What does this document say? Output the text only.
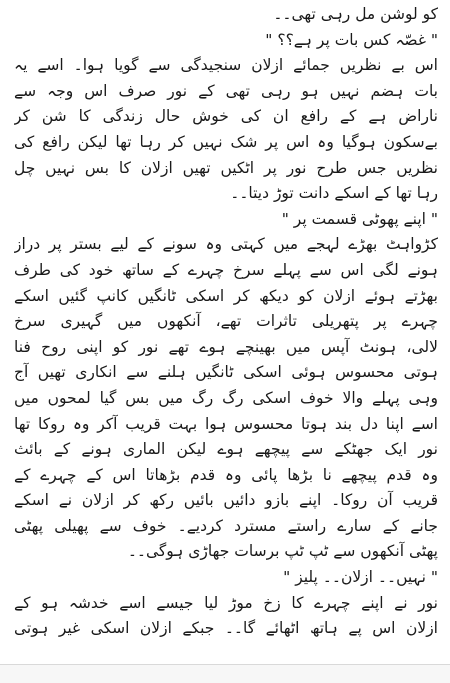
کو لوشن مل رہی تھی۔۔
" غصّہ کس بات پر ہے؟؟ "
اس بے نظریں جمائے ازلان سنجیدگی سے گویا ہوا۔ اسے یہ
بات ہضم نہیں ہو رہی تھی کے نور صرف اس وجہ سے
ناراض ہے کے رافع ان کی خوش حال زندگی کا شن کر
بےسکون ہوگیا وہ اس پر شک نہیں کر رہا تھا لیکن رافع کی
نظریں جس طرح نور پر اٹکیں تھیں ازلان کا بس نہیں چل
رہا تھا کے اسکے دانت توڑ دیتا۔۔
" اپنے پھوٹی قسمت پر "
کڑواہٹ بھڑے لہجے میں کہتی وہ سونے کے لیے بستر پر دراز
ہونے لگی اس سے پہلے سرخ چہرے کے ساتھ خود کی طرف
بھڑتے ہوئے ازلان کو دیکھ کر اسکی ٹانگیں کانپ گئیں اسکے
چہرے پر پتھریلی تاثرات تھے، آنکھوں میں گہیری سرخ
لالی، ہونٹ آپس میں بھینچے ہوے تھے نور کو اپنی روح فنا
ہوتی محسوس ہوئی اسکی ٹانگیں ہلنے سے انکاری تھیں آج
وہی پہلے والا خوف اسکی رگ رگ میں بس گیا لمحوں میں
اسے اپنا دل بند ہوتا محسوس ہوا بہت قریب آکر وہ روکا تھا
نور ایک جھٹکے سے پیچھے ہوے لیکن الماری ہونے کے بائث
وہ قدم پیچھے نا بڑھا پائی وہ قدم بڑھاتا اس کے چہرے کے
قریب آن روکا۔ اپنے بازو دائیں بائیں رکھ کر ازلان نے اسکے
جانے کے سارے راستے مسترد کردیے۔ خوف سے پھیلی پھٹی
پھٹی آنکھوں سے ٹپ ٹپ برسات جھاڑی ہوگی۔۔
" نہیں۔۔ ازلان۔۔ پلیز "
نور نے اپنے چہرے کا زخ موڑ لیا جیسے اسے خدشہ ہو کے
ازلان اس پے ہاتھ اٹھائے گا۔۔ جبکے ازلان اسکی غیر ہوتی
